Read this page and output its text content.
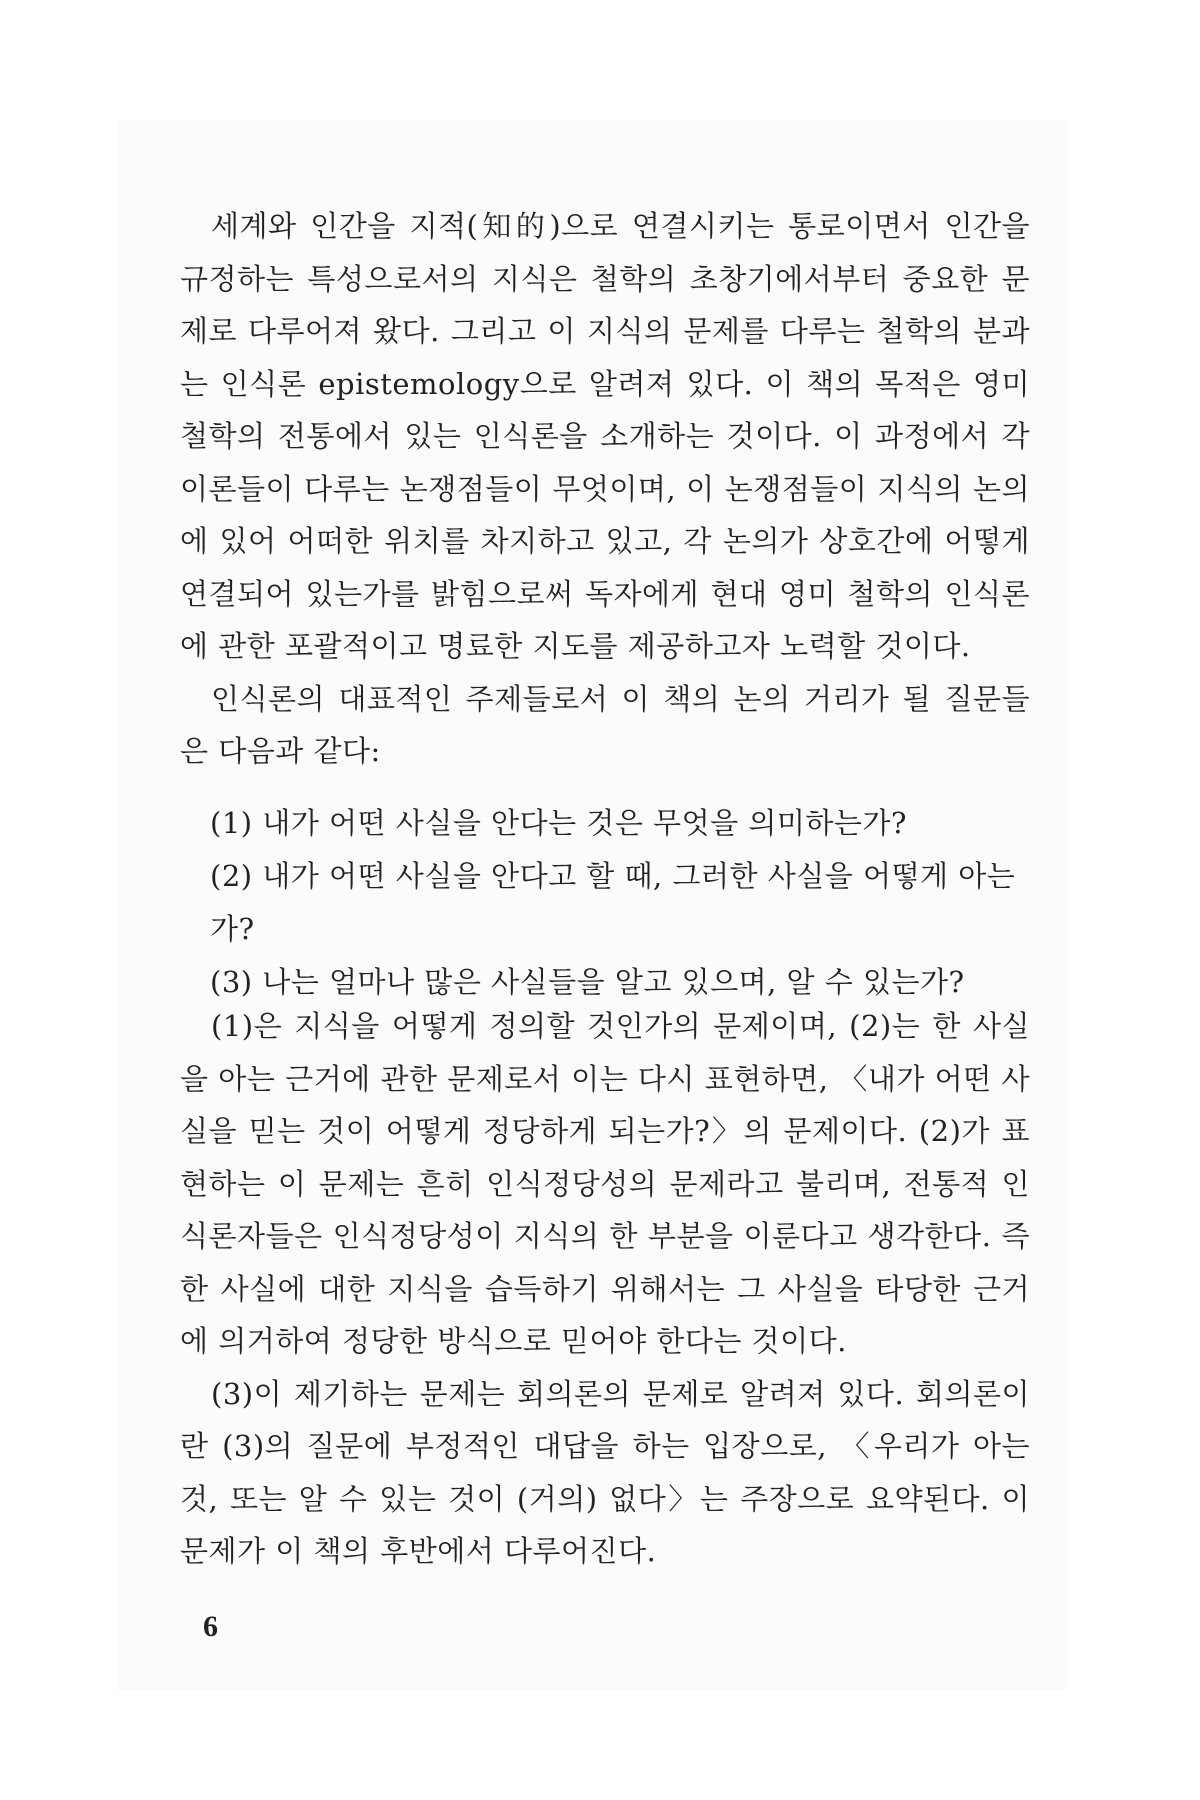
세계와 인간을 지적(知的)으로 연결시키는 통로이면서 인간을 규정하는 특성으로서의 지식은 철학의 초창기에서부터 중요한 문제로 다루어져 왔다. 그리고 이 지식의 문제를 다루는 철학의 분과는 인식론 epistemology으로 알려져 있다. 이 책의 목적은 영미 철학의 전통에서 있는 인식론을 소개하는 것이다. 이 과정에서 각 이론들이 다루는 논쟁점들이 무엇이며, 이 논쟁점들이 지식의 논의에 있어 어떠한 위치를 차지하고 있고, 각 논의가 상호간에 어떻게 연결되어 있는가를 밝힘으로써 독자에게 현대 영미 철학의 인식론에 관한 포괄적이고 명료한 지도를 제공하고자 노력할 것이다.

인식론의 대표적인 주제들로서 이 책의 논의 거리가 될 질문들은 다음과 같다:

(1) 내가 어떤 사실을 안다는 것은 무엇을 의미하는가?

(2) 내가 어떤 사실을 안다고 할 때, 그러한 사실을 어떻게 아는가?

(3) 나는 얼마나 많은 사실들을 알고 있으며, 알 수 있는가?

(1)은 지식을 어떻게 정의할 것인가의 문제이며, (2)는 한 사실을 아는 근거에 관한 문제로서 이는 다시 표현하면, 〈내가 어떤 사실을 믿는 것이 어떻게 정당하게 되는가?〉의 문제이다. (2)가 표현하는 이 문제는 흔히 인식정당성의 문제라고 불리며, 전통적 인식론자들은 인식정당성이 지식의 한 부분을 이룬다고 생각한다. 즉 한 사실에 대한 지식을 습득하기 위해서는 그 사실을 타당한 근거에 의거하여 정당한 방식으로 믿어야 한다는 것이다.

(3)이 제기하는 문제는 회의론의 문제로 알려져 있다. 회의론이란 (3)의 질문에 부정적인 대답을 하는 입장으로, 〈우리가 아는 것, 또는 알 수 있는 것이 (거의) 없다〉는 주장으로 요약된다. 이 문제가 이 책의 후반에서 다루어진다.

6
